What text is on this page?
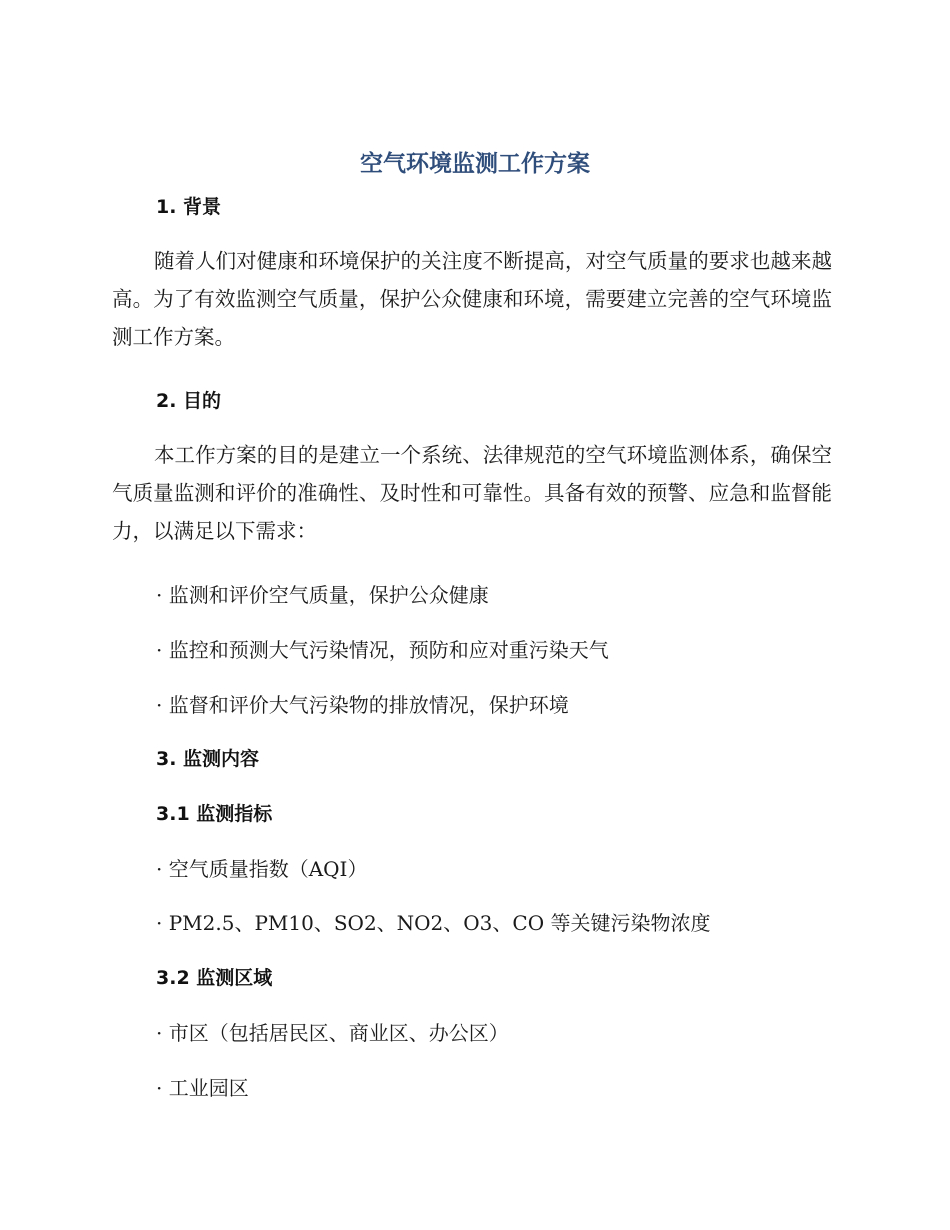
空气环境监测工作方案
1. 背景

随着人们对健康和环境保护的关注度不断提高，对空气质量的要求也越来越高。为了有效监测空气质量，保护公众健康和环境，需要建立完善的空气环境监测工作方案。

2. 目的

本工作方案的目的是建立一个系统、法律规范的空气环境监测体系，确保空气质量监测和评价的准确性、及时性和可靠性。具备有效的预警、应急和监督能力，以满足以下需求：

· 监测和评价空气质量，保护公众健康

· 监控和预测大气污染情况，预防和应对重污染天气

· 监督和评价大气污染物的排放情况，保护环境

3. 监测内容
3.1 监测指标

· 空气质量指数（AQI）

· PM2.5、PM10、SO2、NO2、O3、CO 等关键污染物浓度

3.2 监测区域

· 市区（包括居民区、商业区、办公区）

· 工业园区
